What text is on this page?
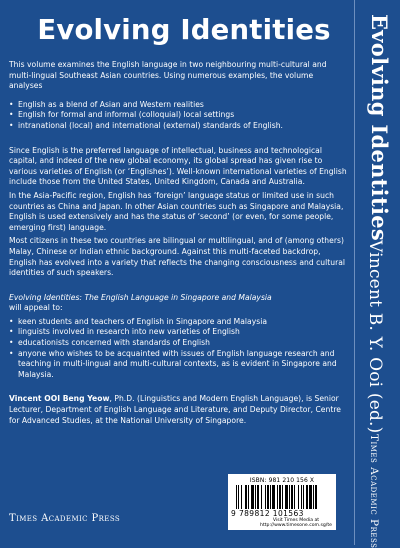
Evolving Identities

This volume examines the English language in two neighbouring multi-cultural and multi-lingual Southeast Asian countries. Using numerous examples, the volume analyses

• English as a blend of Asian and Western realities
• English for formal and informal (colloquial) local settings
• intranational (local) and international (external) standards of English.

Since English is the preferred language of intellectual, business and technological capital, and indeed of the new global economy, its global spread has given rise to various varieties of English (or ‘Englishes’). Well-known international varieties of English include those from the United States, United Kingdom, Canada and Australia.

In the Asia-Pacific region, English has ‘foreign’ language status or limited use in such countries as China and Japan. In other Asian countries such as Singapore and Malaysia, English is used extensively and has the status of ‘second’ (or even, for some people, emerging first) language.

Most citizens in these two countries are bilingual or multilingual, and of (among others) Malay, Chinese or Indian ethnic background. Against this multi-faceted backdrop, English has evolved into a variety that reflects the changing consciousness and cultural identities of such speakers.

Evolving Identities: The English Language in Singapore and Malaysia

will appeal to:

• keen students and teachers of English in Singapore and Malaysia
• linguists involved in research into new varieties of English
• educationists concerned with standards of English
• anyone who wishes to be acquainted with issues of English language research and teaching in multi-lingual and multi-cultural contexts, as is evident in Singapore and Malaysia.

Vincent OOI Beng Yeow, Ph.D. (Linguistics and Modern English Language), is Senior Lecturer, Department of English Language and Literature, and Deputy Director, Centre for Advanced Studies, at the National University of Singapore.

Times Academic Press
ISBN: 981 210 156 X
9 789812 101563
Visit Times Media at
http://www.timesone.com.sg/te
Evolving Identities
Vincent B. Y. Ooi (ed.)
Times Academic Press
